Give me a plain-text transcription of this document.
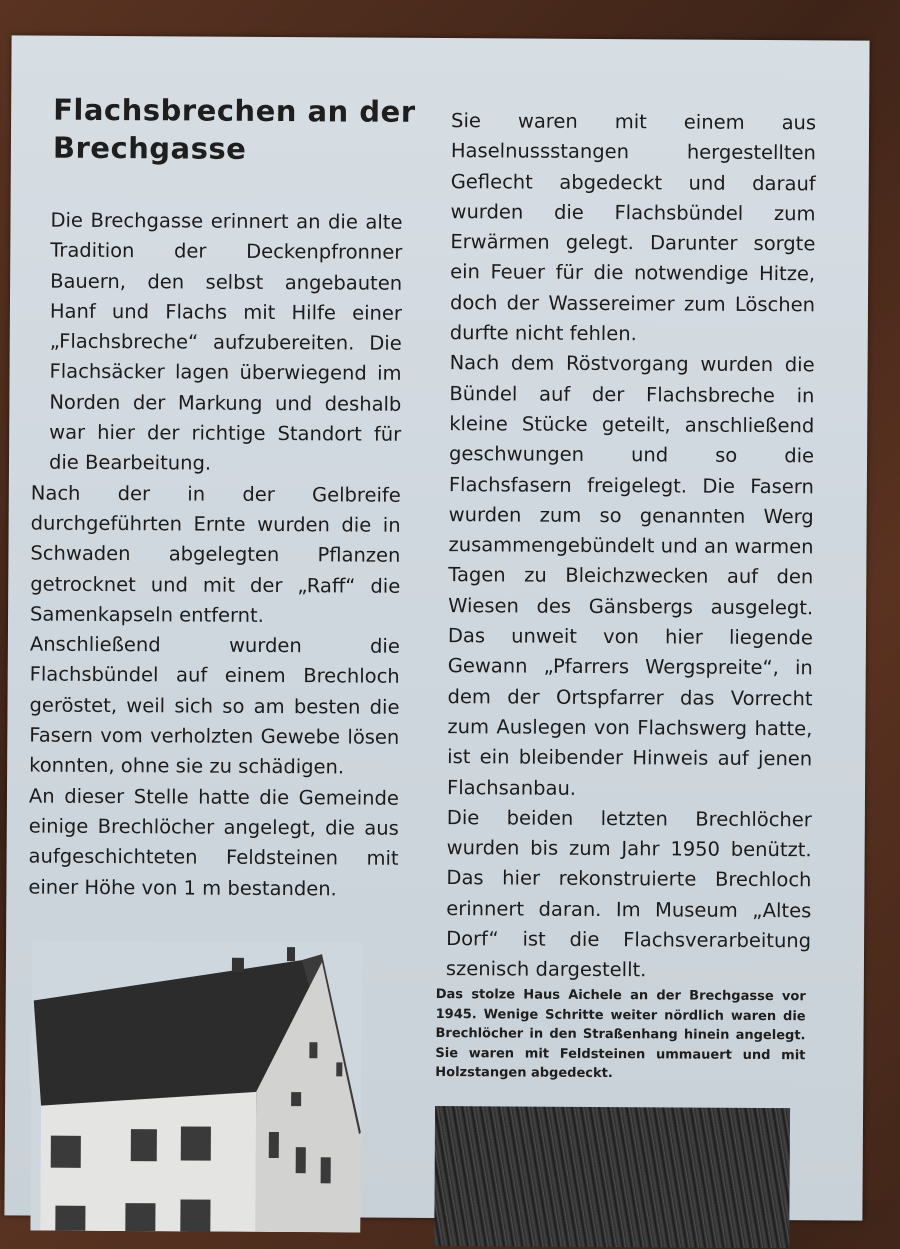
Flachsbrechen an der Brechgasse

Die Brechgasse erinnert an die alte Tradition der Deckenpfronner Bauern, den selbst angebauten Hanf und Flachs mit Hilfe einer „Flachsbreche“ aufzubereiten. Die Flachsäcker lagen überwiegend im Norden der Markung und deshalb war hier der richtige Standort für die Bearbeitung.

Nach der in der Gelbreife durchgeführten Ernte wurden die in Schwaden abgelegten Pflanzen getrocknet und mit der „Raff“ die Samenkapseln entfernt.

Anschließend wurden die Flachsbündel auf einem Brechloch geröstet, weil sich so am besten die Fasern vom verholzten Gewebe lösen konnten, ohne sie zu schädigen.

An dieser Stelle hatte die Gemeinde einige Brechlöcher angelegt, die aus aufgeschichteten Feldsteinen mit einer Höhe von 1 m bestanden.

Sie waren mit einem aus Haselnussstangen hergestellten Geflecht abgedeckt und darauf wurden die Flachsbündel zum Erwärmen gelegt. Darunter sorgte ein Feuer für die notwendige Hitze, doch der Wassereimer zum Löschen durfte nicht fehlen.

Nach dem Röstvorgang wurden die Bündel auf der Flachsbreche in kleine Stücke geteilt, anschließend geschwungen und so die Flachsfasern freigelegt. Die Fasern wurden zum so genannten Werg zusammengebündelt und an warmen Tagen zu Bleichzwecken auf den Wiesen des Gänsbergs ausgelegt. Das unweit von hier liegende Gewann „Pfarrers Wergspreite“, in dem der Ortspfarrer das Vorrecht zum Auslegen von Flachswerg hatte, ist ein bleibender Hinweis auf jenen Flachsanbau.

Die beiden letzten Brechlöcher wurden bis zum Jahr 1950 benützt. Das hier rekonstruierte Brechloch erinnert daran. Im Museum „Altes Dorf“ ist die Flachsverarbeitung szenisch dargestellt.

Das stolze Haus Aichele an der Brechgasse vor 1945. Wenige Schritte weiter nördlich waren die Brechlöcher in den Straßenhang hinein angelegt. Sie waren mit Feldsteinen ummauert und mit Holzstangen abgedeckt.
